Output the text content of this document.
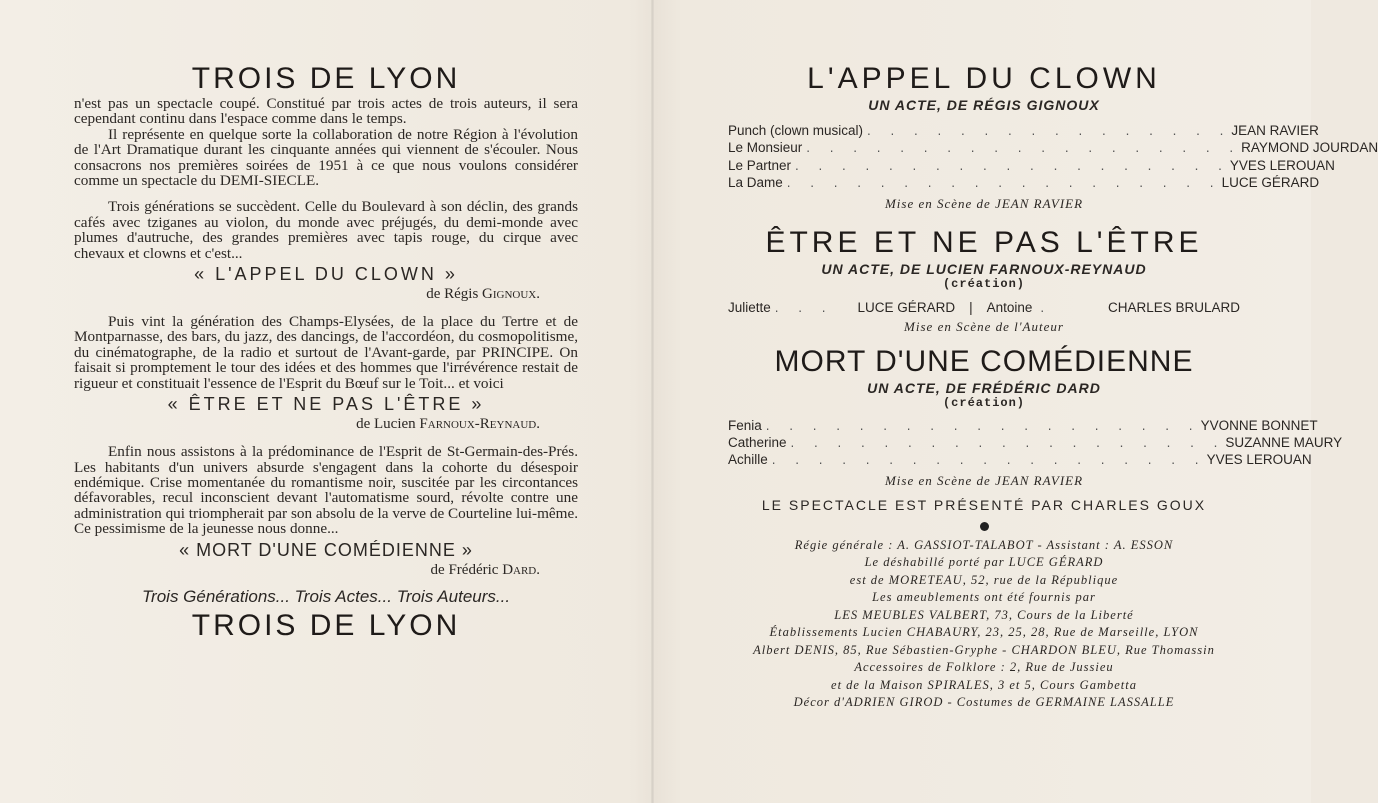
TROIS DE LYON

n'est pas un spectacle coupé. Constitué par trois actes de trois auteurs, il sera cependant continu dans l'espace comme dans le temps.

Il représente en quelque sorte la collaboration de notre Région à l'évolution de l'Art Dramatique durant les cinquante années qui viennent de s'écouler. Nous consacrons nos premières soirées de 1951 à ce que nous voulons considérer comme un spectacle du DEMI-SIECLE.

Trois générations se succèdent. Celle du Boulevard à son déclin, des grands cafés avec tziganes au violon, du monde avec préjugés, du demi-monde avec plumes d'autruche, des grandes premières avec tapis rouge, du cirque avec chevaux et clowns et c'est...

« L'APPEL DU CLOWN »
de Régis Gignoux.

Puis vint la génération des Champs-Elysées, de la place du Tertre et de Montparnasse, des bars, du jazz, des dancings, de l'accordéon, du cosmopolitisme, du cinématographe, de la radio et surtout de l'Avant-garde, par PRINCIPE. On faisait si promptement le tour des idées et des hommes que l'irrévérence restait de rigueur et constituait l'essence de l'Esprit du Bœuf sur le Toit... et voici

« ÊTRE ET NE PAS L'ÊTRE »
de Lucien Farnoux-Reynaud.

Enfin nous assistons à la prédominance de l'Esprit de St-Germain-des-Prés. Les habitants d'un univers absurde s'engagent dans la cohorte du désespoir endémique. Crise momentanée du romantisme noir, suscitée par les circontances défavorables, recul inconscient devant l'automatisme sourd, révolte contre une administration qui triompherait par son absolu de la verve de Courteline lui-même. Ce pessimisme de la jeunesse nous donne...

« MORT D'UNE COMÉDIENNE »
de Frédéric Dard.
Trois Générations... Trois Actes... Trois Auteurs...
TROIS DE LYON
L'APPEL DU CLOWN
UN ACTE, DE RÉGIS GIGNOUX
Punch (clown musical) . . . . . . . . . . . . . . . . JEAN RAVIER
Le Monsieur . . . . . . . . . . . . . . . . . . . RAYMOND JOURDAN
Le Partner . . . . . . . . . . . . . . . . . . . YVES LEROUAN
La Dame . . . . . . . . . . . . . . . . . . . LUCE GÉRARD
Mise en Scène de JEAN RAVIER
ÊTRE ET NE PAS L'ÊTRE
UN ACTE, DE LUCIEN FARNOUX-REYNAUD
(création)
Juliette . . . LUCE GÉRARD | Antoine .	CHARLES BRULARD
Mise en Scène de l'Auteur
MORT D'UNE COMÉDIENNE
UN ACTE, DE FRÉDÉRIC DARD
(création)
Fenia . . . . . . . . . . . . . . . . . . . YVONNE BONNET
Catherine . . . . . . . . . . . . . . . . . . . SUZANNE MAURY
Achille . . . . . . . . . . . . . . . . . . . YVES LEROUAN
Mise en Scène de JEAN RAVIER
LE SPECTACLE EST PRÉSENTÉ PAR CHARLES GOUX

Régie générale : A. GASSIOT-TALABOT - Assistant : A. ESSON

Le déshabillé porté par LUCE GÉRARD

est de MORETEAU, 52, rue de la République

Les ameublements ont été fournis par

LES MEUBLES VALBERT, 73, Cours de la Liberté

Établissements Lucien CHABAURY, 23, 25, 28, Rue de Marseille, LYON

Albert DENIS, 85, Rue Sébastien-Gryphe - CHARDON BLEU, Rue Thomassin

Accessoires de Folklore : 2, Rue de Jussieu

et de la Maison SPIRALES, 3 et 5, Cours Gambetta

Décor d'ADRIEN GIROD - Costumes de GERMAINE LASSALLE
